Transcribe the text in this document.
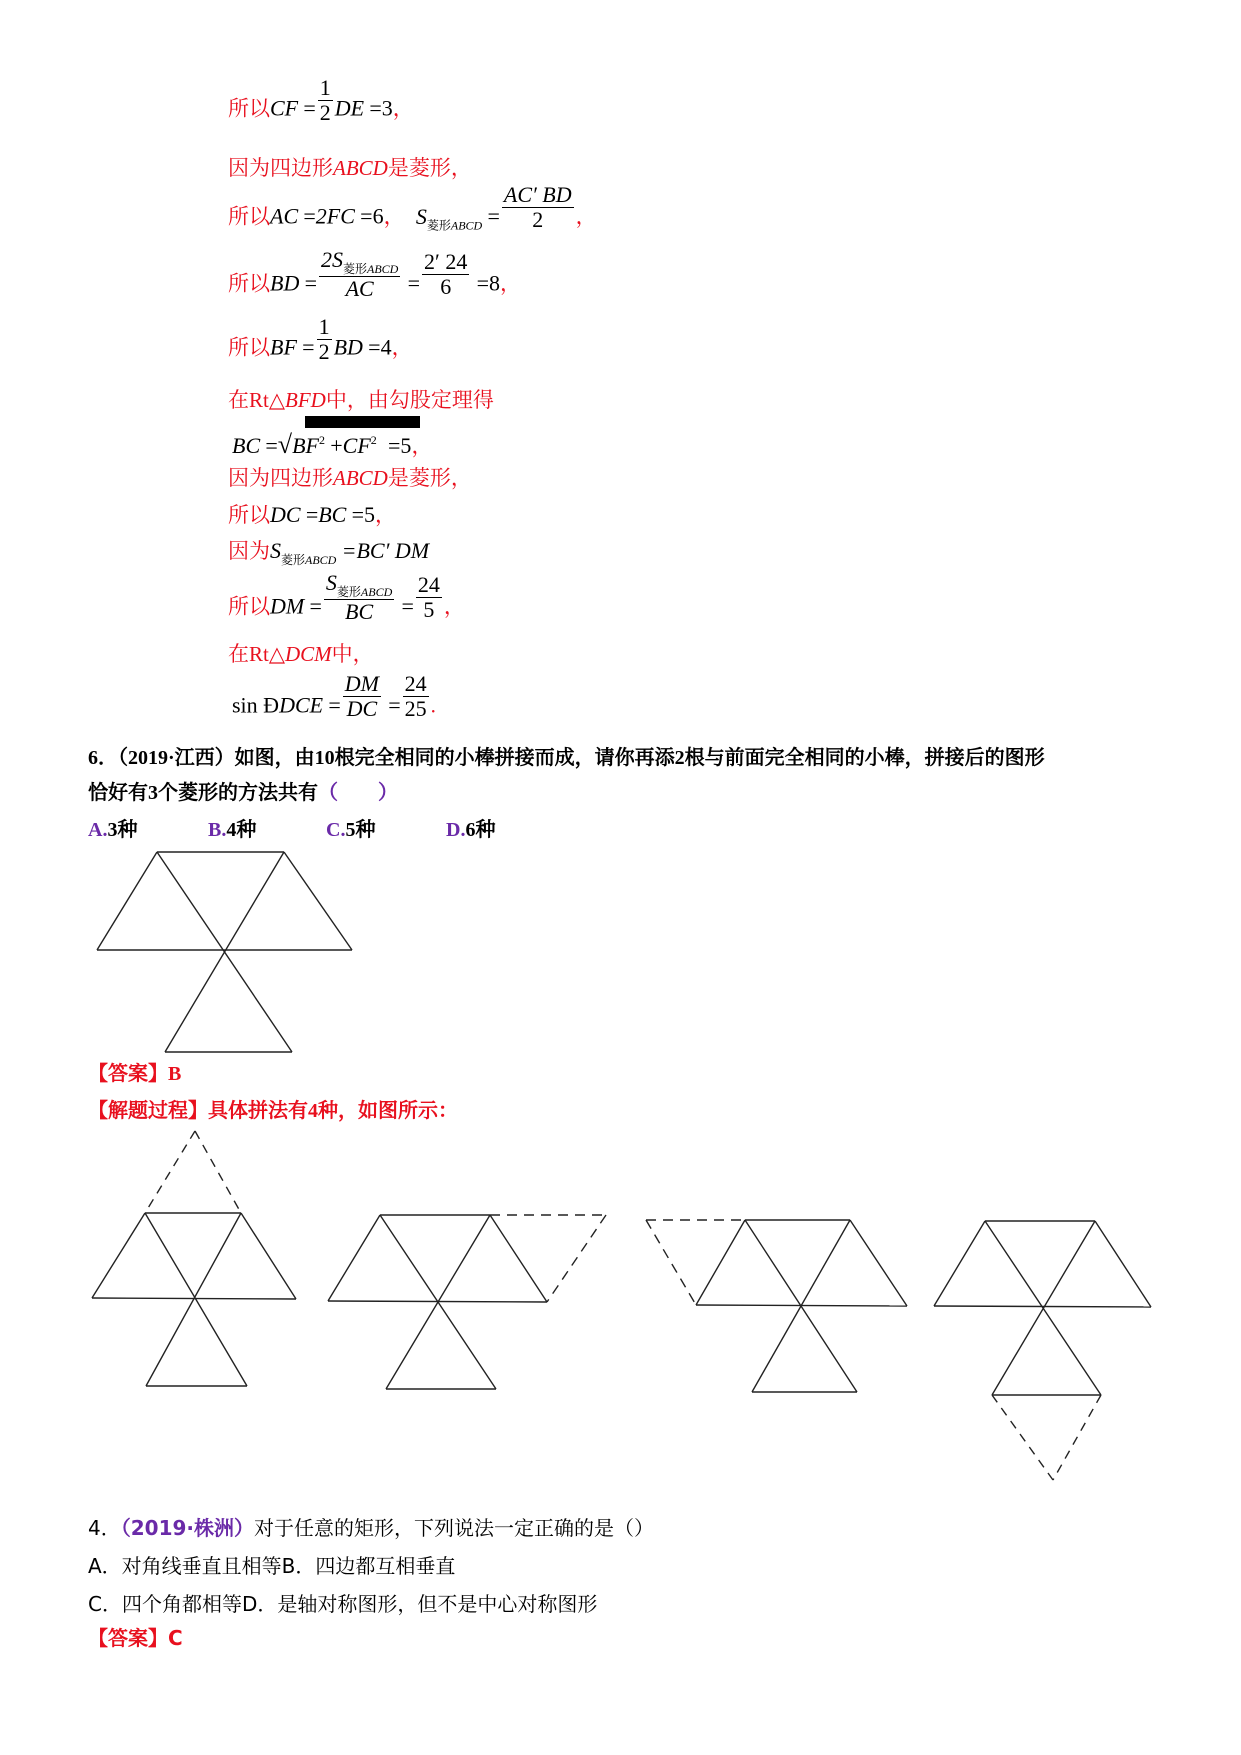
所以CF = $\frac{1}{2}$ DE =3，
因为四边形ABCD是菱形，
所以AC =2FC =6， $S_{菱形ABCD} = \frac{AC' BD}{2}$ ，
所以BD = $\frac{2S_{菱形ABCD}}{AC} = \frac{2' 24}{6} =8$，
所以BF = $\frac{1}{2}$ BD =4，
在Rt△BFD中，由勾股定理得
BC $=√BF^2 +CF^2 =5$，
因为四边形ABCD是菱形，
所以DC =BC =5，
因为$S_{菱形ABCD} =BC'$ DM
所以DM = $\frac{S_{菱形ABCD}}{BC} = \frac{24}{5}$ ，
在Rt△DCM中，
sin ÐDCE = $\frac{DM}{DC} = \frac{24}{25}$ .
6．（2019·江西）如图，由10根完全相同的小棒拼接而成，请你再添2根与前面完全相同的小棒，拼接后的图形
恰好有3个菱形的方法共有（　　）
A.3种	B.4种	C.5种	D.6种
【答案】B
【解题过程】具体拼法有4种，如图所示：
4．（2019·株洲）对于任意的矩形，下列说法一定正确的是（）
A．对角线垂直且相等B．四边都互相垂直
C．四个角都相等D．是轴对称图形，但不是中心对称图形
【答案】C
